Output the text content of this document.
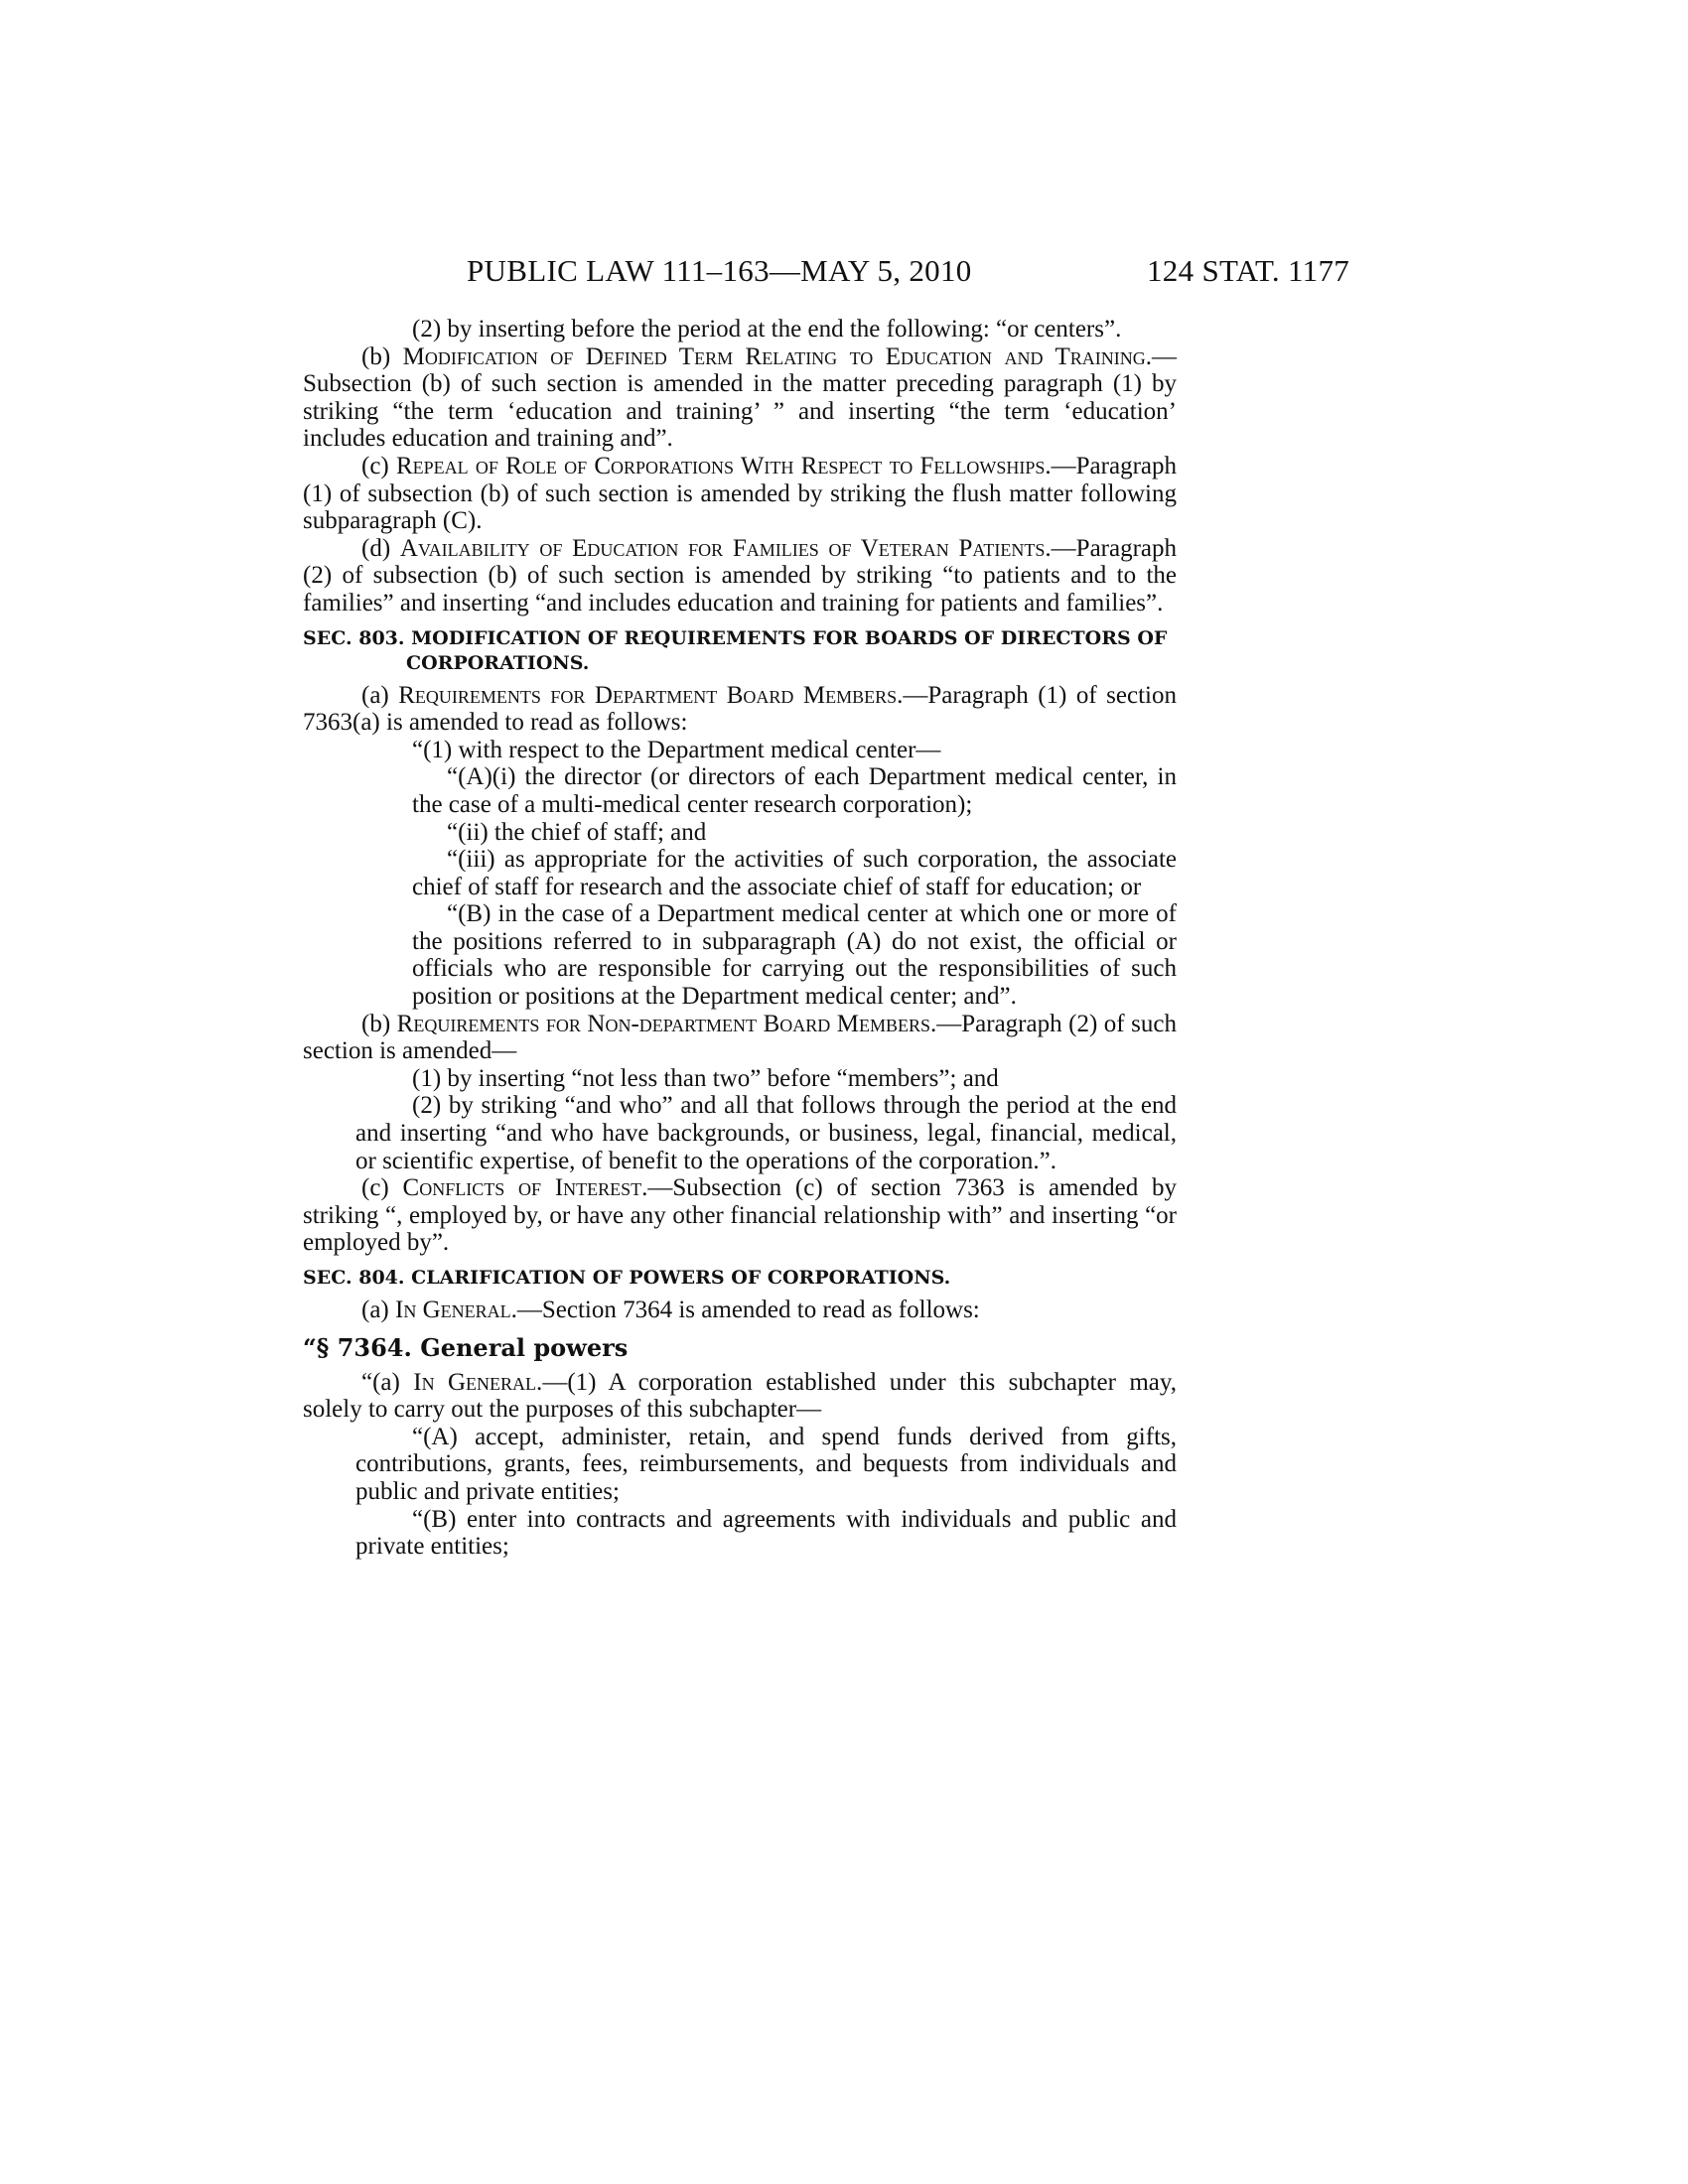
PUBLIC LAW 111–163—MAY 5, 2010	124 STAT. 1177

(2) by inserting before the period at the end the following: “or centers”.

(b) Modification of Defined Term Relating to Education and Training.—Subsection (b) of such section is amended in the matter preceding paragraph (1) by striking “the term ‘education and training’ ” and inserting “the term ‘education’ includes education and training and”.

(c) Repeal of Role of Corporations With Respect to Fellowships.—Paragraph (1) of subsection (b) of such section is amended by striking the flush matter following subparagraph (C).

(d) Availability of Education for Families of Veteran Patients.—Paragraph (2) of subsection (b) of such section is amended by striking “to patients and to the families” and inserting “and includes education and training for patients and families”.

SEC. 803. MODIFICATION OF REQUIREMENTS FOR BOARDS OF DIRECTORS OF CORPORATIONS.

(a) Requirements for Department Board Members.—Paragraph (1) of section 7363(a) is amended to read as follows:

“(1) with respect to the Department medical center—

“(A)(i) the director (or directors of each Department medical center, in the case of a multi-medical center research corporation);

“(ii) the chief of staff; and

“(iii) as appropriate for the activities of such corporation, the associate chief of staff for research and the associate chief of staff for education; or

“(B) in the case of a Department medical center at which one or more of the positions referred to in subparagraph (A) do not exist, the official or officials who are responsible for carrying out the responsibilities of such position or positions at the Department medical center; and”.

(b) Requirements for Non-department Board Members.—Paragraph (2) of such section is amended—

(1) by inserting “not less than two” before “members”; and

(2) by striking “and who” and all that follows through the period at the end and inserting “and who have backgrounds, or business, legal, financial, medical, or scientific expertise, of benefit to the operations of the corporation.”.

(c) Conflicts of Interest.—Subsection (c) of section 7363 is amended by striking “, employed by, or have any other financial relationship with” and inserting “or employed by”.

SEC. 804. CLARIFICATION OF POWERS OF CORPORATIONS.

(a) In General.—Section 7364 is amended to read as follows:

“§ 7364. General powers

“(a) In General.—(1) A corporation established under this subchapter may, solely to carry out the purposes of this subchapter—

“(A) accept, administer, retain, and spend funds derived from gifts, contributions, grants, fees, reimbursements, and bequests from individuals and public and private entities;

“(B) enter into contracts and agreements with individuals and public and private entities;
